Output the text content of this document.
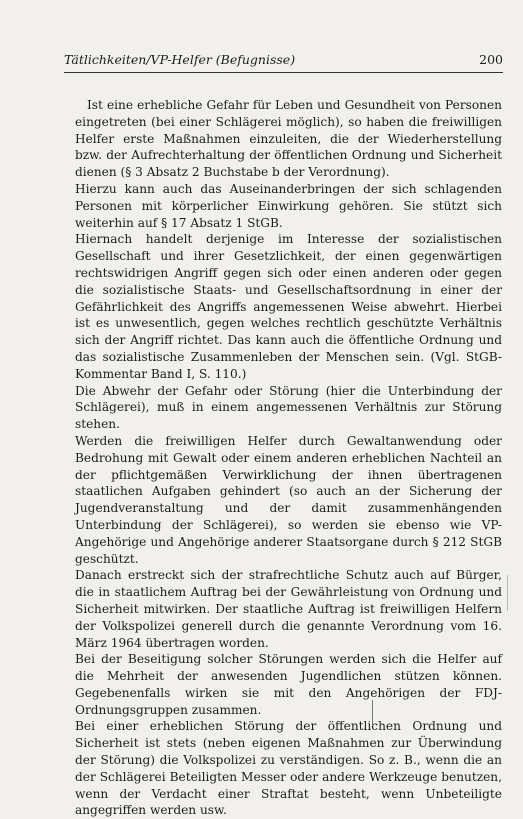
Tätlichkeiten/VP-Helfer (Befugnisse)	200

Ist eine erhebliche Gefahr für Leben und Gesundheit von Personen eingetreten (bei einer Schlägerei möglich), so haben die freiwilligen Helfer erste Maßnahmen einzuleiten, die der Wiederherstellung bzw. der Aufrechterhaltung der öffentlichen Ordnung und Sicherheit dienen (§ 3 Absatz 2 Buchstabe b der Verordnung).

Hierzu kann auch das Auseinanderbringen der sich schlagenden Personen mit körperlicher Einwirkung gehören. Sie stützt sich weiterhin auf § 17 Absatz 1 StGB.

Hiernach handelt derjenige im Interesse der sozialistischen Gesellschaft und ihrer Gesetzlichkeit, der einen gegenwärtigen rechtswidrigen Angriff gegen sich oder einen anderen oder gegen die sozialistische Staats- und Gesellschaftsordnung in einer der Gefährlichkeit des Angriffs angemessenen Weise abwehrt. Hierbei ist es unwesentlich, gegen welches rechtlich geschützte Verhältnis sich der Angriff richtet. Das kann auch die öffentliche Ordnung und das sozialistische Zusammenleben der Menschen sein. (Vgl. StGB-Kommentar Band I, S. 110.)

Die Abwehr der Gefahr oder Störung (hier die Unterbindung der Schlägerei), muß in einem angemessenen Verhältnis zur Störung stehen.

Werden die freiwilligen Helfer durch Gewaltanwendung oder Bedrohung mit Gewalt oder einem anderen erheblichen Nachteil an der pflichtgemäßen Verwirklichung der ihnen übertragenen staatlichen Aufgaben gehindert (so auch an der Sicherung der Jugendveranstaltung und der damit zusammenhängenden Unterbindung der Schlägerei), so werden sie ebenso wie VP-Angehörige und Angehörige anderer Staatsorgane durch § 212 StGB geschützt.

Danach erstreckt sich der strafrechtliche Schutz auch auf Bürger, die in staatlichem Auftrag bei der Gewährleistung von Ordnung und Sicherheit mitwirken. Der staatliche Auftrag ist freiwilligen Helfern der Volkspolizei generell durch die genannte Verordnung vom 16. März 1964 übertragen worden.

Bei der Beseitigung solcher Störungen werden sich die Helfer auf die Mehrheit der anwesenden Jugendlichen stützen können. Gegebenenfalls wirken sie mit den Angehörigen der FDJ-Ordnungsgruppen zusammen.

Bei einer erheblichen Störung der öffentlichen Ordnung und Sicherheit ist stets (neben eigenen Maßnahmen zur Überwindung der Störung) die Volkspolizei zu verständigen. So z. B., wenn die an der Schlägerei Beteiligten Messer oder andere Werkzeuge benutzen, wenn der Verdacht einer Straftat besteht, wenn Unbeteiligte angegriffen werden usw.
